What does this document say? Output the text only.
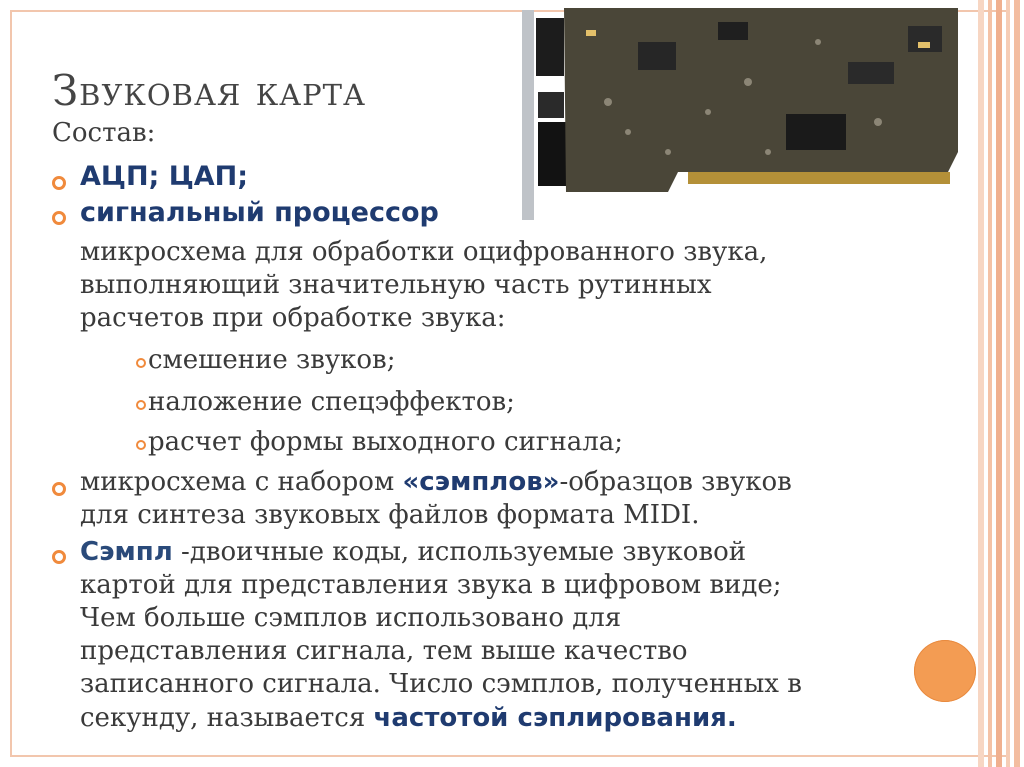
Звуковая карта
Состав:
АЦП; ЦАП;
сигнальный процессор
микросхема для обработки оцифрованного звука,
выполняющий значительную часть рутинных
расчетов при обработке звука:
смешение звуков;
наложение спецэффектов;
расчет формы выходного сигнала;
микросхема с набором «сэмплов»-образцов звуков
для синтеза звуковых файлов формата MIDI.
Сэмпл -двоичные коды, используемые звуковой
картой для представления звука в цифровом виде;
Чем больше сэмплов использовано для
представления сигнала, тем выше качество
записанного сигнала. Число сэмплов, полученных в
секунду, называется частотой сэплирования.
